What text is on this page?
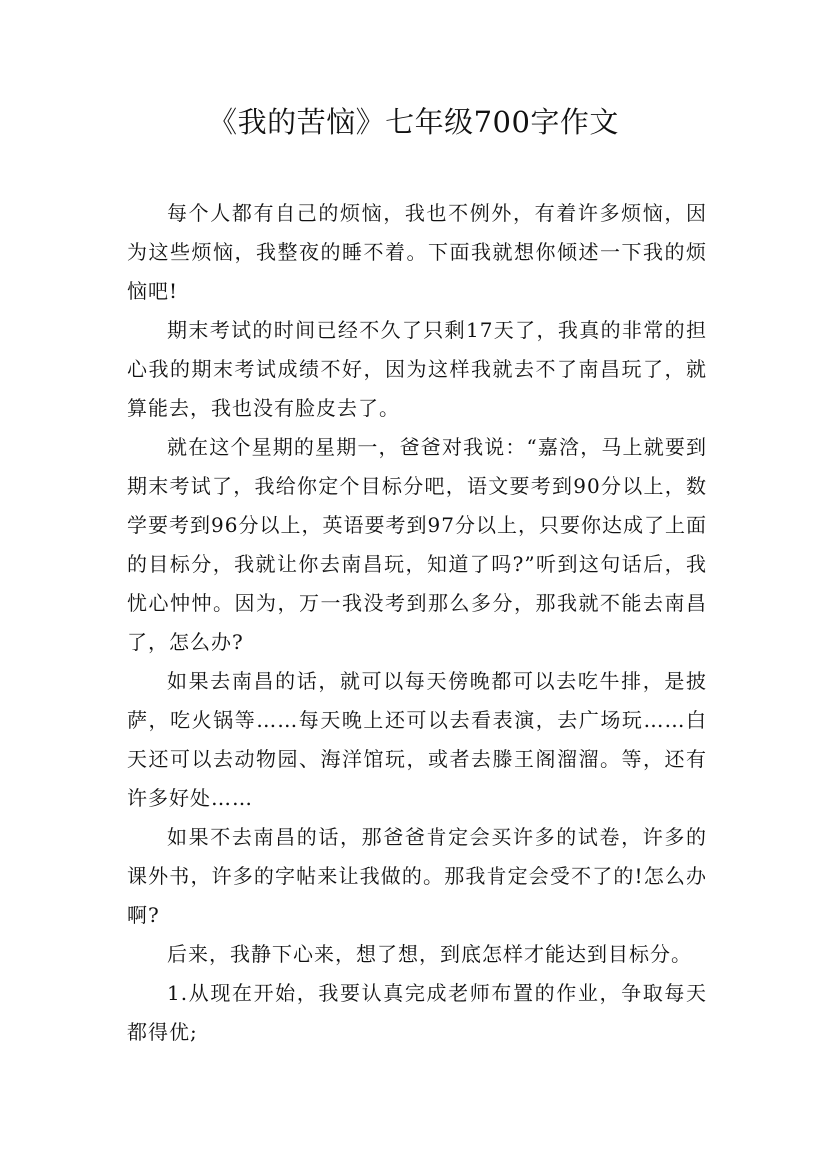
《我的苦恼》七年级700字作文

每个人都有自己的烦恼，我也不例外，有着许多烦恼，因为这些烦恼，我整夜的睡不着。下面我就想你倾述一下我的烦恼吧!

期末考试的时间已经不久了只剩17天了，我真的非常的担心我的期末考试成绩不好，因为这样我就去不了南昌玩了，就算能去，我也没有脸皮去了。

就在这个星期的星期一，爸爸对我说：“嘉浛，马上就要到期末考试了，我给你定个目标分吧，语文要考到90分以上，数学要考到96分以上，英语要考到97分以上，只要你达成了上面的目标分，我就让你去南昌玩，知道了吗?”听到这句话后，我忧心忡忡。因为，万一我没考到那么多分，那我就不能去南昌了，怎么办?

如果去南昌的话，就可以每天傍晚都可以去吃牛排，是披萨，吃火锅等……每天晚上还可以去看表演，去广场玩……白天还可以去动物园、海洋馆玩，或者去滕王阁溜溜。等，还有许多好处……

如果不去南昌的话，那爸爸肯定会买许多的试卷，许多的课外书，许多的字帖来让我做的。那我肯定会受不了的!怎么办啊?

后来，我静下心来，想了想，到底怎样才能达到目标分。

1.从现在开始，我要认真完成老师布置的作业，争取每天都得优;
